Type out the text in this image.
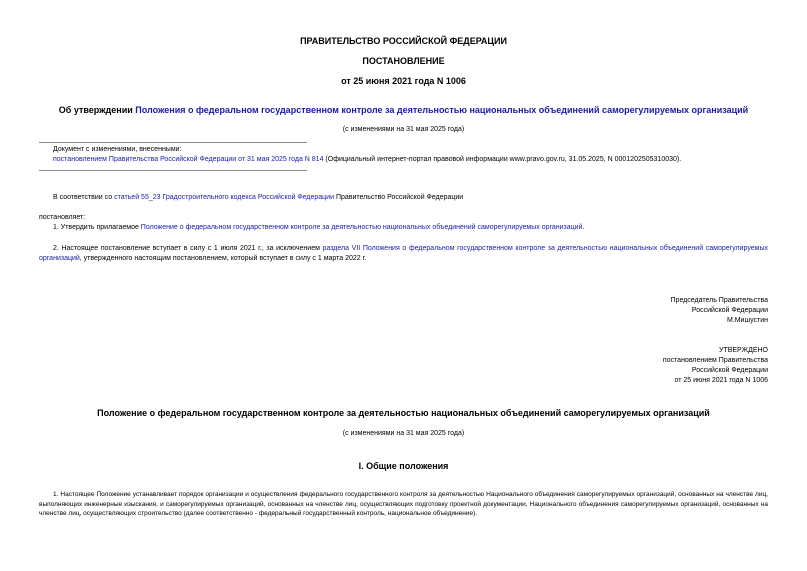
ПРАВИТЕЛЬСТВО РОССИЙСКОЙ ФЕДЕРАЦИИ
ПОСТАНОВЛЕНИЕ
от 25 июня 2021 года N 1006
Об утверждении Положения о федеральном государственном контроле за деятельностью национальных объединений саморегулируемых организаций
(с изменениями на 31 мая 2025 года)
Документ с изменениями, внесенными:
постановлением Правительства Российской Федерации от 31 мая 2025 года N 814 (Официальный интернет-портал правовой информации www.pravo.gov.ru, 31.05.2025, N 0001202505310030).
В соответствии со статьей 55_23 Градостроительного кодекса Российской Федерации Правительство Российской Федерации
постановляет:
1. Утвердить прилагаемое Положение о федеральном государственном контроле за деятельностью национальных объединений саморегулируемых организаций.
2. Настоящее постановление вступает в силу с 1 июля 2021 г., за исключением раздела VII Положения о федеральном государственном контроле за деятельностью национальных объединений саморегулируемых организаций, утвержденного настоящим постановлением, который вступает в силу с 1 марта 2022 г.
Председатель Правительства
Российской Федерации
М.Мишустин
УТВЕРЖДЕНО
постановлением Правительства
Российской Федерации
от 25 июня 2021 года N 1006
Положение о федеральном государственном контроле за деятельностью национальных объединений саморегулируемых организаций
(с изменениями на 31 мая 2025 года)
I. Общие положения
1. Настоящее Положение устанавливает порядок организации и осуществления федерального государственного контроля за деятельностью Национального объединения саморегулируемых организаций, основанных на членстве лиц, выполняющих инженерные изыскания, и саморегулируемых организаций, основанных на членстве лиц, осуществляющих подготовку проектной документации, Национального объединения саморегулируемых организаций, основанных на членстве лиц, осуществляющих строительство (далее соответственно - федеральный государственный контроль, национальное объединение).
